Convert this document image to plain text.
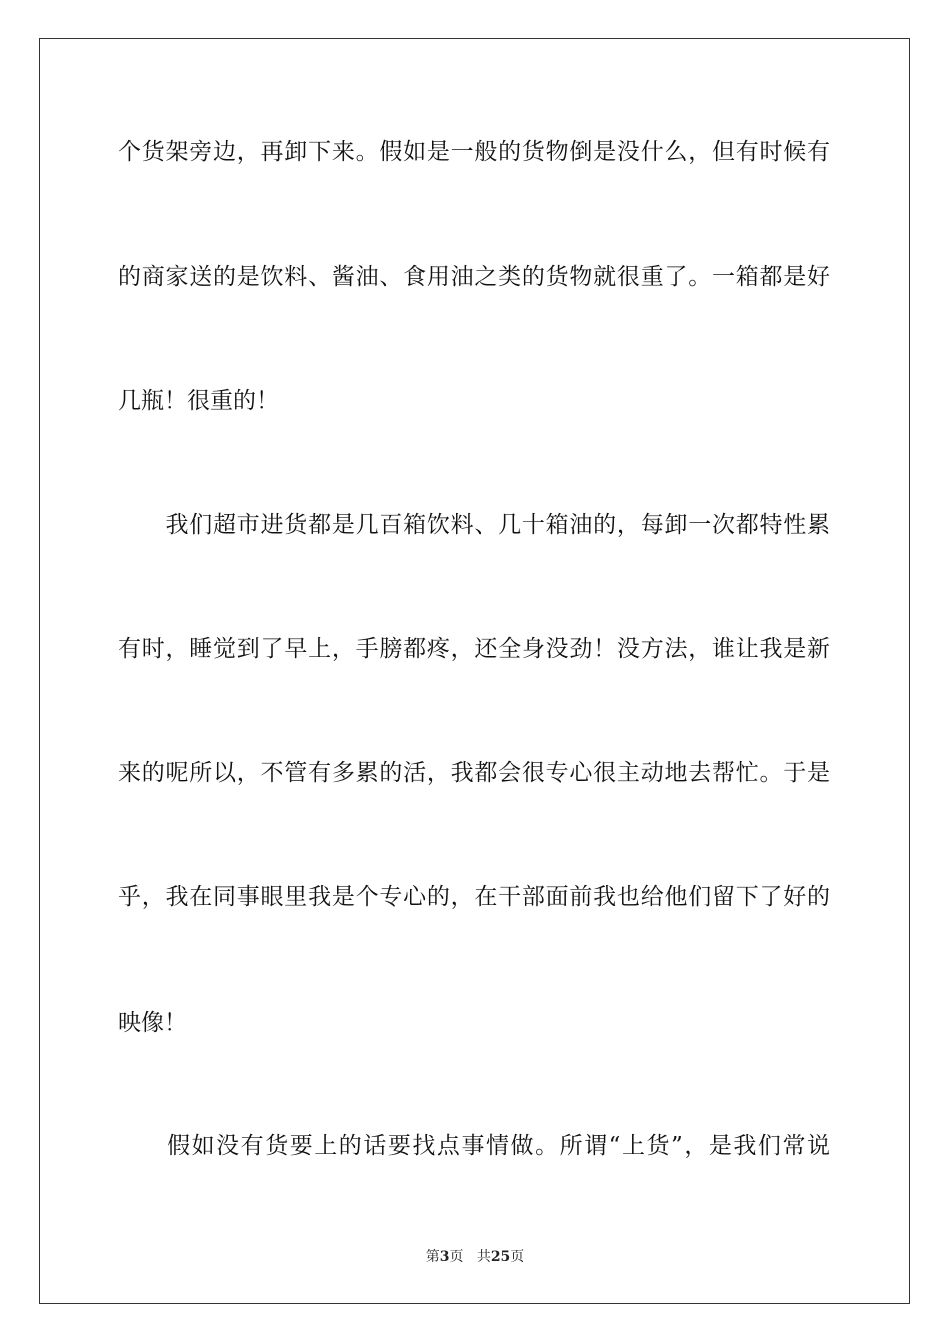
个货架旁边，再卸下来。假如是一般的货物倒是没什么，但有时候有
的商家送的是饮料、酱油、食用油之类的货物就很重了。一箱都是好
几瓶！很重的！
　　我们超市进货都是几百箱饮料、几十箱油的，每卸一次都特性累
有时，睡觉到了早上，手膀都疼，还全身没劲！没方法，谁让我是新
来的呢所以，不管有多累的活，我都会很专心很主动地去帮忙。于是
乎，我在同事眼里我是个专心的，在干部面前我也给他们留下了好的
映像！
　　假如没有货要上的话要找点事情做。所谓“上货”，是我们常说
第3页 共25页
